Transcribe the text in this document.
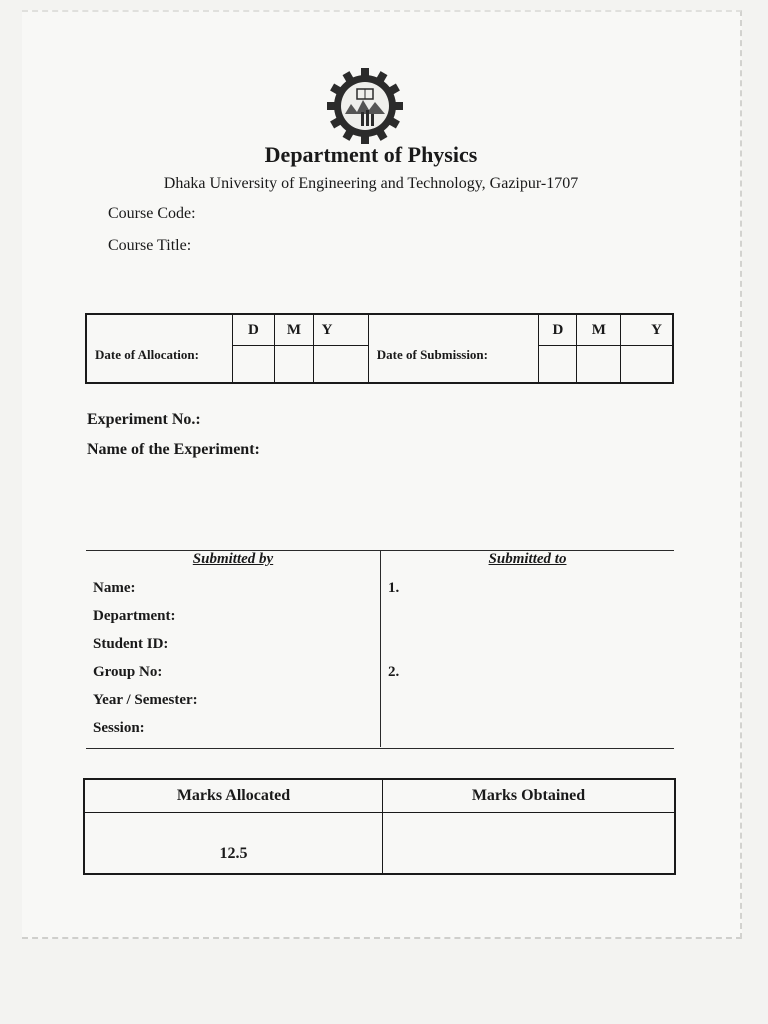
Department of Physics
Dhaka University of Engineering and Technology, Gazipur-1707
Course Code:
Course Title:
Date of Allocation:	D	M	Y	Date of Submission:	D	M	Y

Experiment No.:
Name of the Experiment:
Submitted by	Submitted to
Name:
Department:
Student ID:
Group No:
Year / Semester:
Session:
1.
2.
Marks Allocated	Marks Obtained
12.5	
